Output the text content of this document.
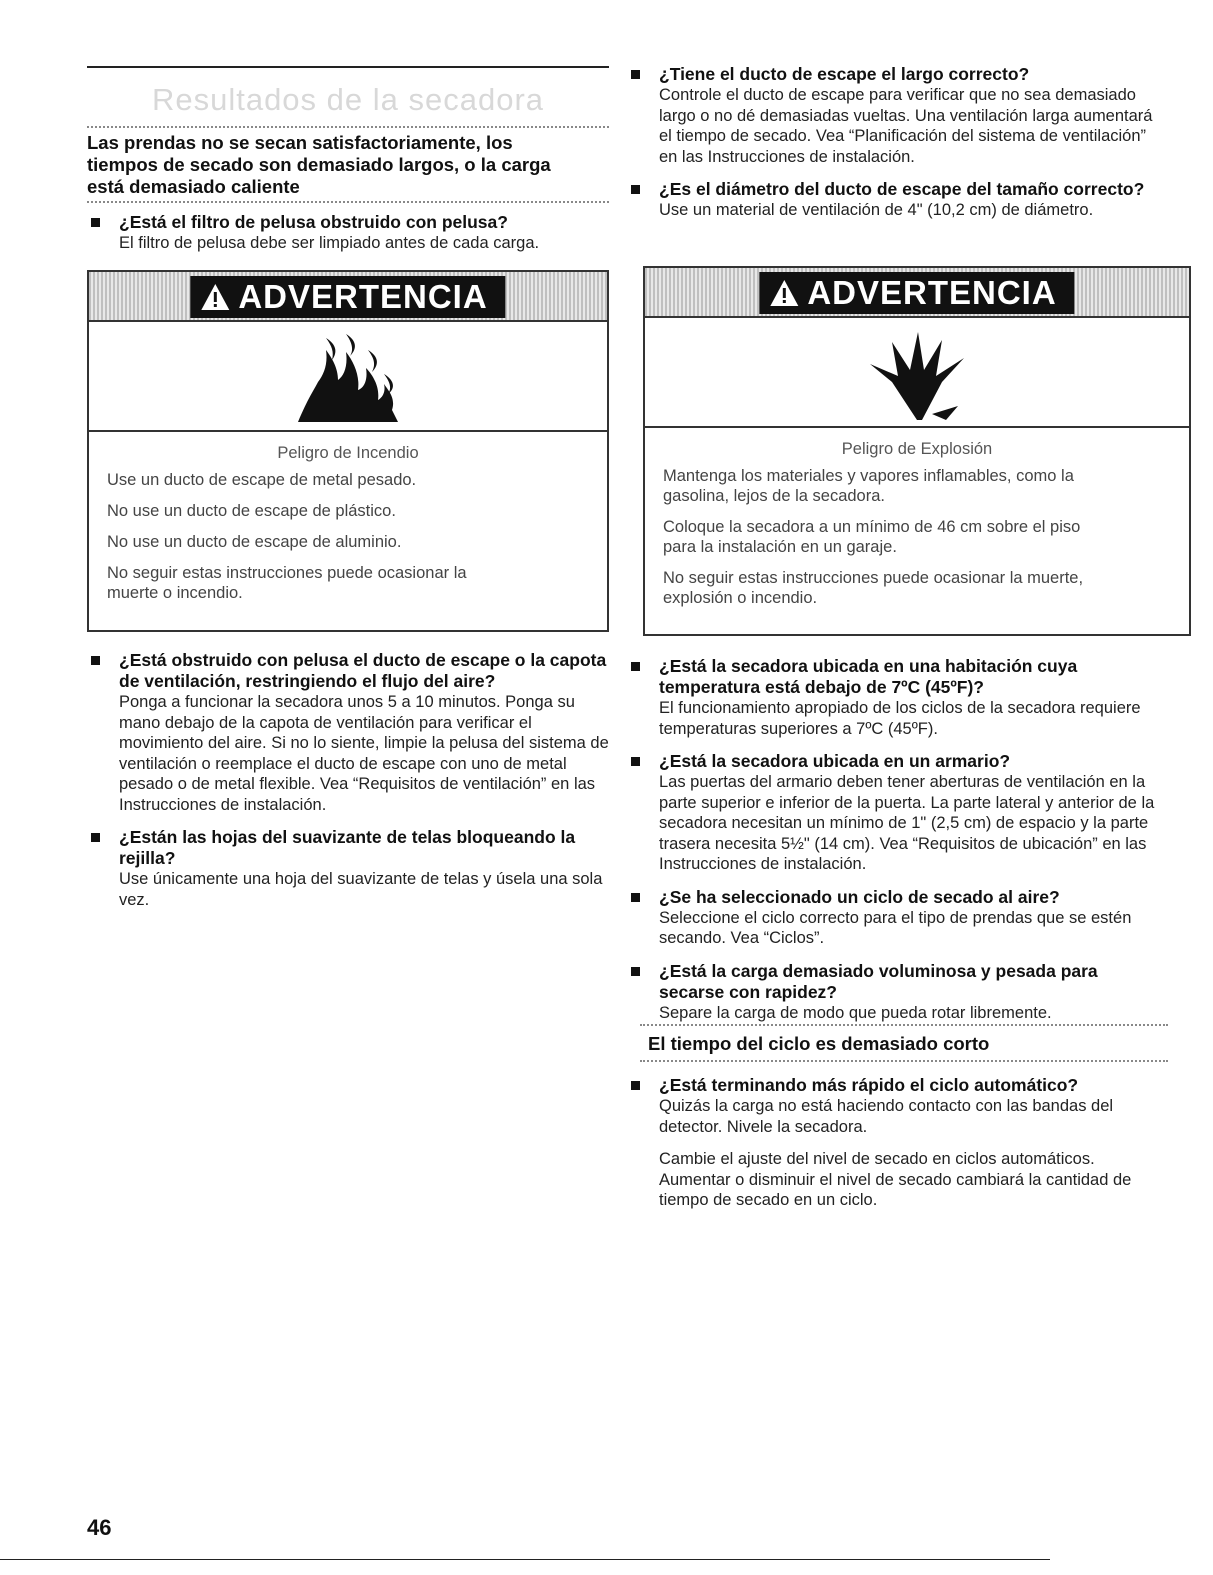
Resultados de la secadora
Las prendas no se secan satisfactoriamente, los tiempos de secado son demasiado largos, o la carga está demasiado caliente
¿Está el filtro de pelusa obstruido con pelusa?
El filtro de pelusa debe ser limpiado antes de cada carga.
ADVERTENCIA
Peligro de Incendio
Use un ducto de escape de metal pesado.
No use un ducto de escape de plástico.
No use un ducto de escape de aluminio.
No seguir estas instrucciones puede ocasionar la muerte o incendio.
¿Está obstruido con pelusa el ducto de escape o la capota de ventilación, restringiendo el flujo del aire?
Ponga a funcionar la secadora unos 5 a 10 minutos. Ponga su mano debajo de la capota de ventilación para verificar el movimiento del aire. Si no lo siente, limpie la pelusa del sistema de ventilación o reemplace el ducto de escape con uno de metal pesado o de metal flexible. Vea “Requisitos de ventilación” en las Instrucciones de instalación.
¿Están las hojas del suavizante de telas bloqueando la rejilla?
Use únicamente una hoja del suavizante de telas y úsela una sola vez.
¿Tiene el ducto de escape el largo correcto?
Controle el ducto de escape para verificar que no sea demasiado largo o no dé demasiadas vueltas. Una ventilación larga aumentará el tiempo de secado. Vea “Planificación del sistema de ventilación” en las Instrucciones de instalación.
¿Es el diámetro del ducto de escape del tamaño correcto?
Use un material de ventilación de 4" (10,2 cm) de diámetro.
ADVERTENCIA
Peligro de Explosión
Mantenga los materiales y vapores inflamables, como la gasolina, lejos de la secadora.
Coloque la secadora a un mínimo de 46 cm sobre el piso para la instalación en un garaje.
No seguir estas instrucciones puede ocasionar la muerte, explosión o incendio.
¿Está la secadora ubicada en una habitación cuya temperatura está debajo de 7ºC (45ºF)?
El funcionamiento apropiado de los ciclos de la secadora requiere temperaturas superiores a 7ºC (45ºF).
¿Está la secadora ubicada en un armario?
Las puertas del armario deben tener aberturas de ventilación en la parte superior e inferior de la puerta. La parte lateral y anterior de la secadora necesitan un mínimo de 1" (2,5 cm) de espacio y la parte trasera necesita 5½" (14 cm). Vea “Requisitos de ubicación” en las Instrucciones de instalación.
¿Se ha seleccionado un ciclo de secado al aire?
Seleccione el ciclo correcto para el tipo de prendas que se estén secando. Vea “Ciclos”.
¿Está la carga demasiado voluminosa y pesada para secarse con rapidez?
Separe la carga de modo que pueda rotar libremente.
El tiempo del ciclo es demasiado corto
¿Está terminando más rápido el ciclo automático?
Quizás la carga no está haciendo contacto con las bandas del detector. Nivele la secadora.
Cambie el ajuste del nivel de secado en ciclos automáticos. Aumentar o disminuir el nivel de secado cambiará la cantidad de tiempo de secado en un ciclo.
46
